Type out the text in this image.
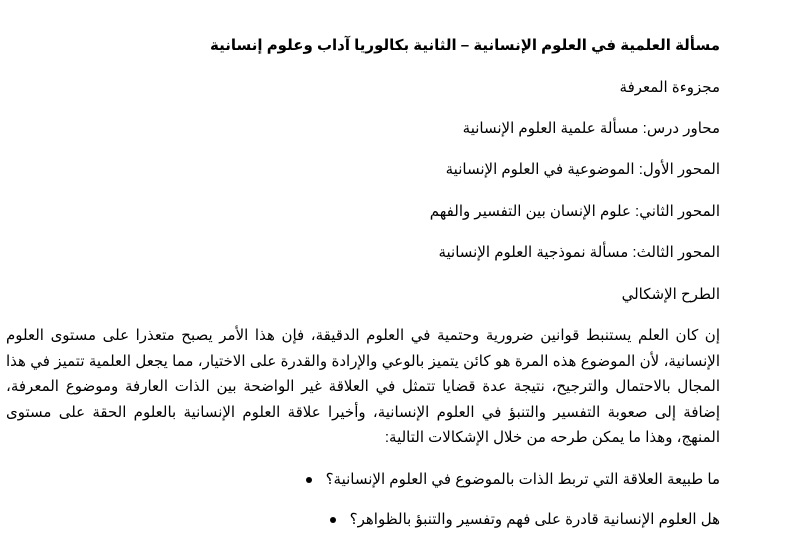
مسألة العلمية في العلوم الإنسانية – الثانية بكالوريا آداب وعلوم إنسانية
مجزوءة المعرفة
محاور درس: مسألة علمية العلوم الإنسانية
المحور الأول: الموضوعية في العلوم الإنسانية
المحور الثاني: علوم الإنسان بين التفسير والفهم
المحور الثالث: مسألة نموذجية العلوم الإنسانية
الطرح الإشكالي
إن كان العلم يستنبط قوانين ضرورية وحتمية في العلوم الدقيقة، فإن هذا الأمر يصبح متعذرا على مستوى العلوم الإنسانية، لأن الموضوع هذه المرة هو كائن يتميز بالوعي والإرادة والقدرة على الاختيار، مما يجعل العلمية تتميز في هذا المجال بالاحتمال والترجيح، نتيجة عدة قضايا تتمثل في العلاقة غير الواضحة بين الذات العارفة وموضوع المعرفة، إضافة إلى صعوبة التفسير والتنبؤ في العلوم الإنسانية، وأخيرا علاقة العلوم الإنسانية بالعلوم الحقة على مستوى المنهج، وهذا ما يمكن طرحه من خلال الإشكالات التالية:
ما طبيعة العلاقة التي تربط الذات بالموضوع في العلوم الإنسانية؟
هل العلوم الإنسانية قادرة على فهم وتفسير والتنبؤ بالظواهر؟
